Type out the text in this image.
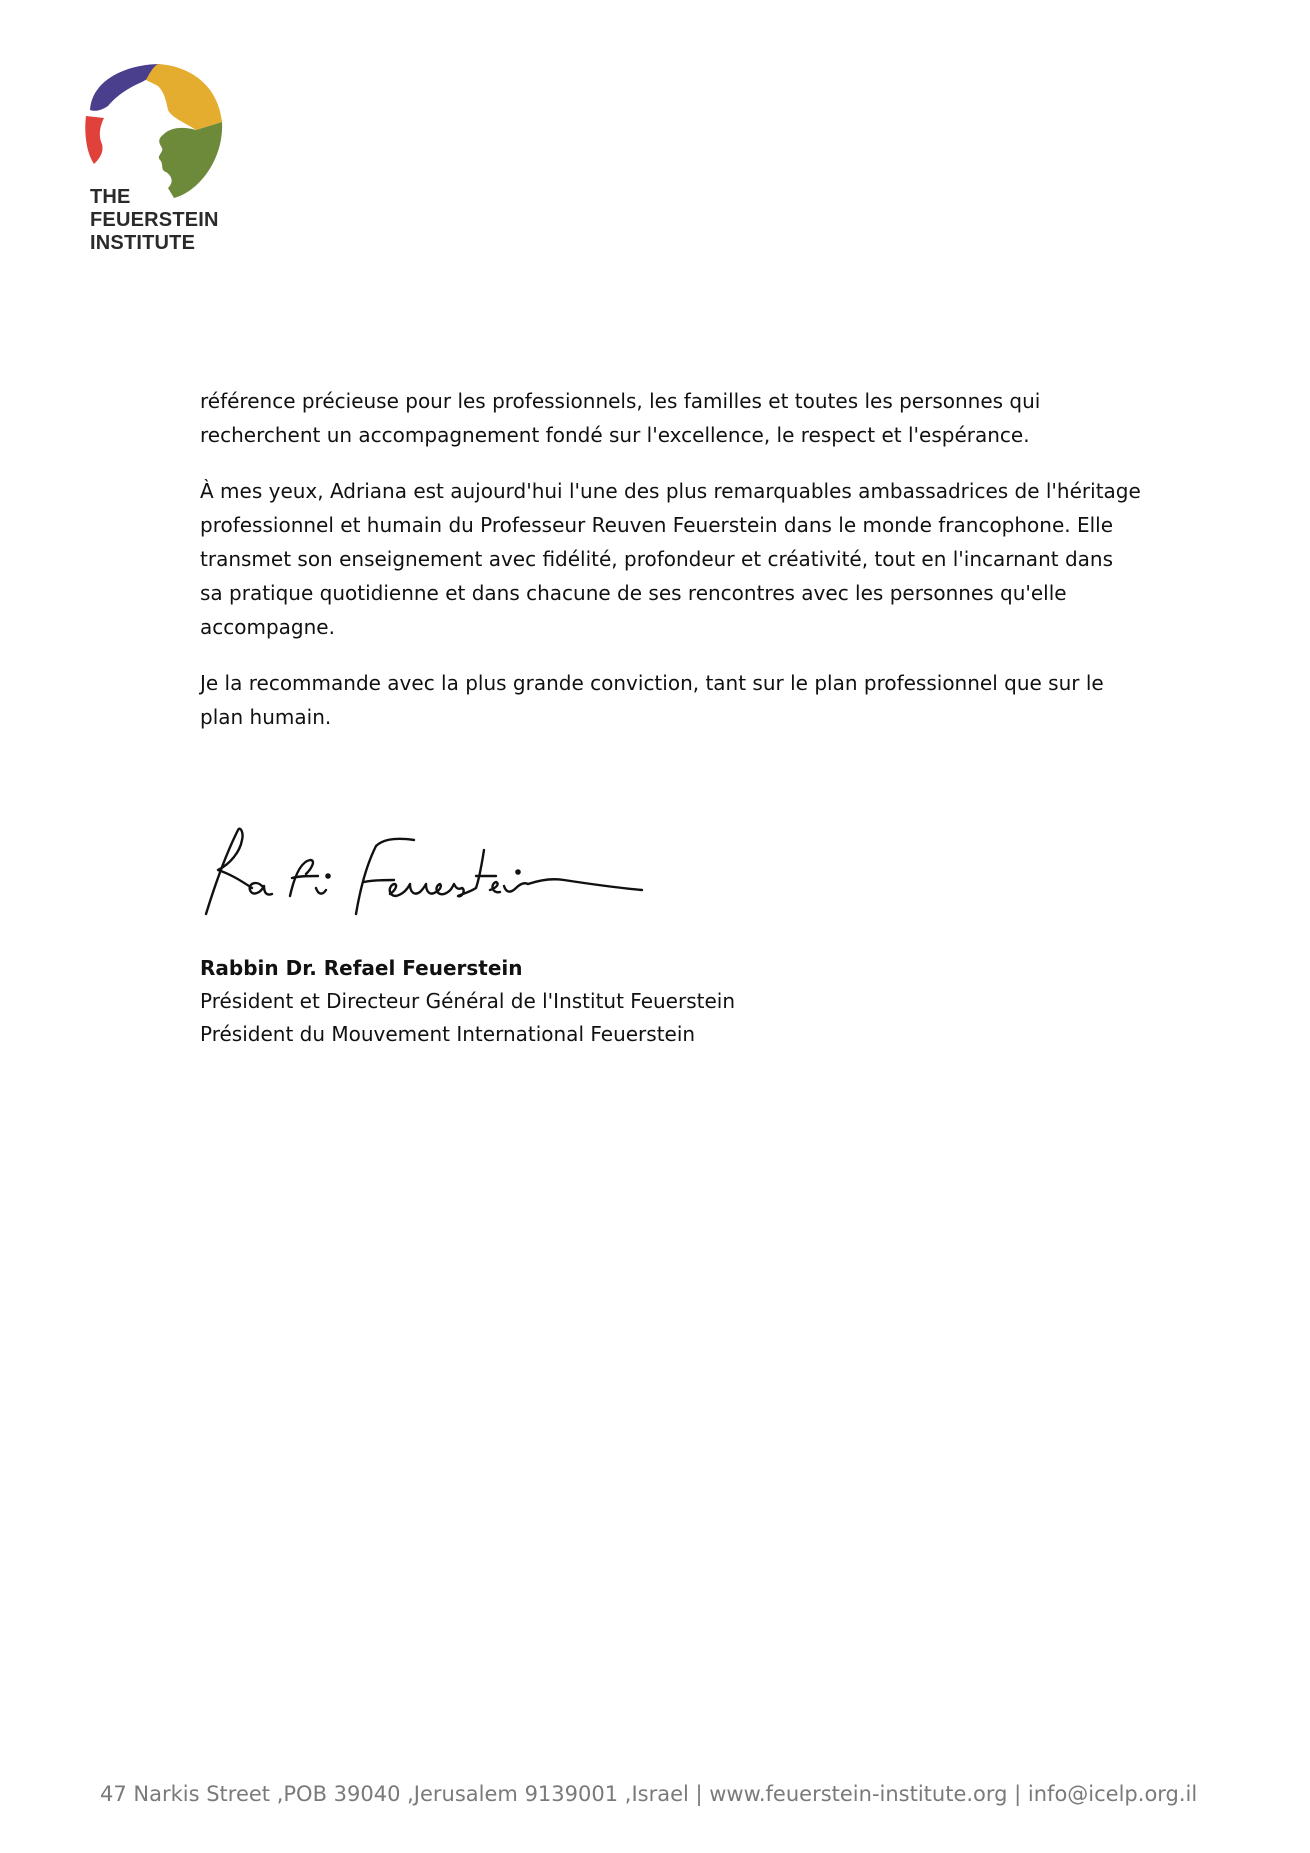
THE
FEUERSTEIN
INSTITUTE
référence précieuse pour les professionnels, les familles et toutes les personnes qui
recherchent un accompagnement fondé sur l'excellence, le respect et l'espérance.
À mes yeux, Adriana est aujourd'hui l'une des plus remarquables ambassadrices de l'héritage
professionnel et humain du Professeur Reuven Feuerstein dans le monde francophone. Elle
transmet son enseignement avec fidélité, profondeur et créativité, tout en l'incarnant dans
sa pratique quotidienne et dans chacune de ses rencontres avec les personnes qu'elle
accompagne.
Je la recommande avec la plus grande conviction, tant sur le plan professionnel que sur le
plan humain.
Rabbin Dr. Refael Feuerstein
Président et Directeur Général de l'Institut Feuerstein
Président du Mouvement International Feuerstein
47 Narkis Street ,POB 39040 ,Jerusalem 9139001 ,Israel | www.feuerstein-institute.org | info@icelp.org.il
